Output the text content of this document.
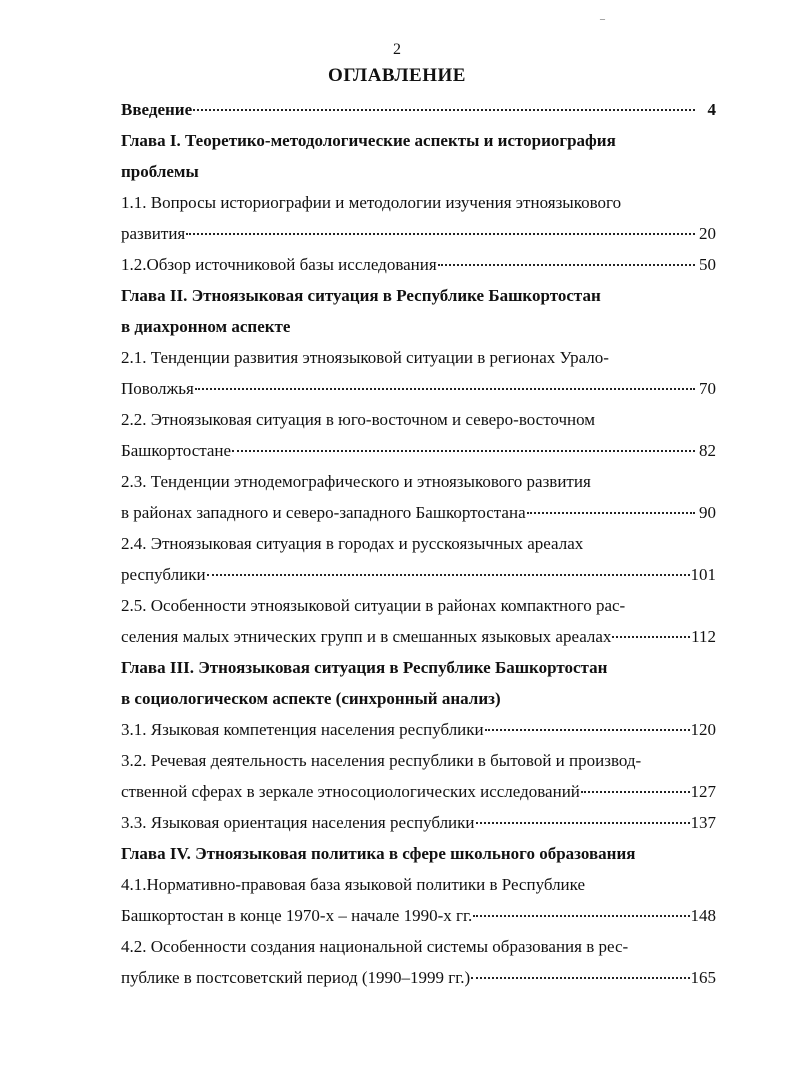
2
ОГЛАВЛЕНИЕ
Введение	4
Глава I. Теоретико-методологические аспекты и историография
проблемы
1.1. Вопросы историографии и методологии изучения этноязыкового
развития	20
1.2.Обзор источниковой базы исследования	50
Глава II. Этноязыковая ситуация в Республике Башкортостан
в диахронном аспекте
2.1. Тенденции развития этноязыковой ситуации в регионах Урало-
Поволжья	70
2.2. Этноязыковая ситуация в юго-восточном и северо-восточном
Башкортостане	82
2.3. Тенденции этнодемографического и этноязыкового развития
в районах западного и северо-западного Башкортостана	90
2.4. Этноязыковая ситуация в городах и русскоязычных ареалах
республики	101
2.5. Особенности этноязыковой ситуации в районах компактного рас-
селения малых этнических групп и в смешанных языковых ареалах	112
Глава III. Этноязыковая ситуация в Республике Башкортостан
в социологическом аспекте (синхронный анализ)
3.1. Языковая компетенция населения республики	120
3.2. Речевая деятельность населения республики в бытовой и производ-
ственной сферах в зеркале этносоциологических исследований	127
3.3. Языковая ориентация населения республики	137
Глава IV. Этноязыковая политика в сфере школьного образования
4.1.Нормативно-правовая база языковой политики в Республике
Башкортостан в конце 1970-х – начале 1990-х гг.	148
4.2. Особенности создания национальной системы образования в рес-
публике в постсоветский период (1990–1999 гг.)	165
–
